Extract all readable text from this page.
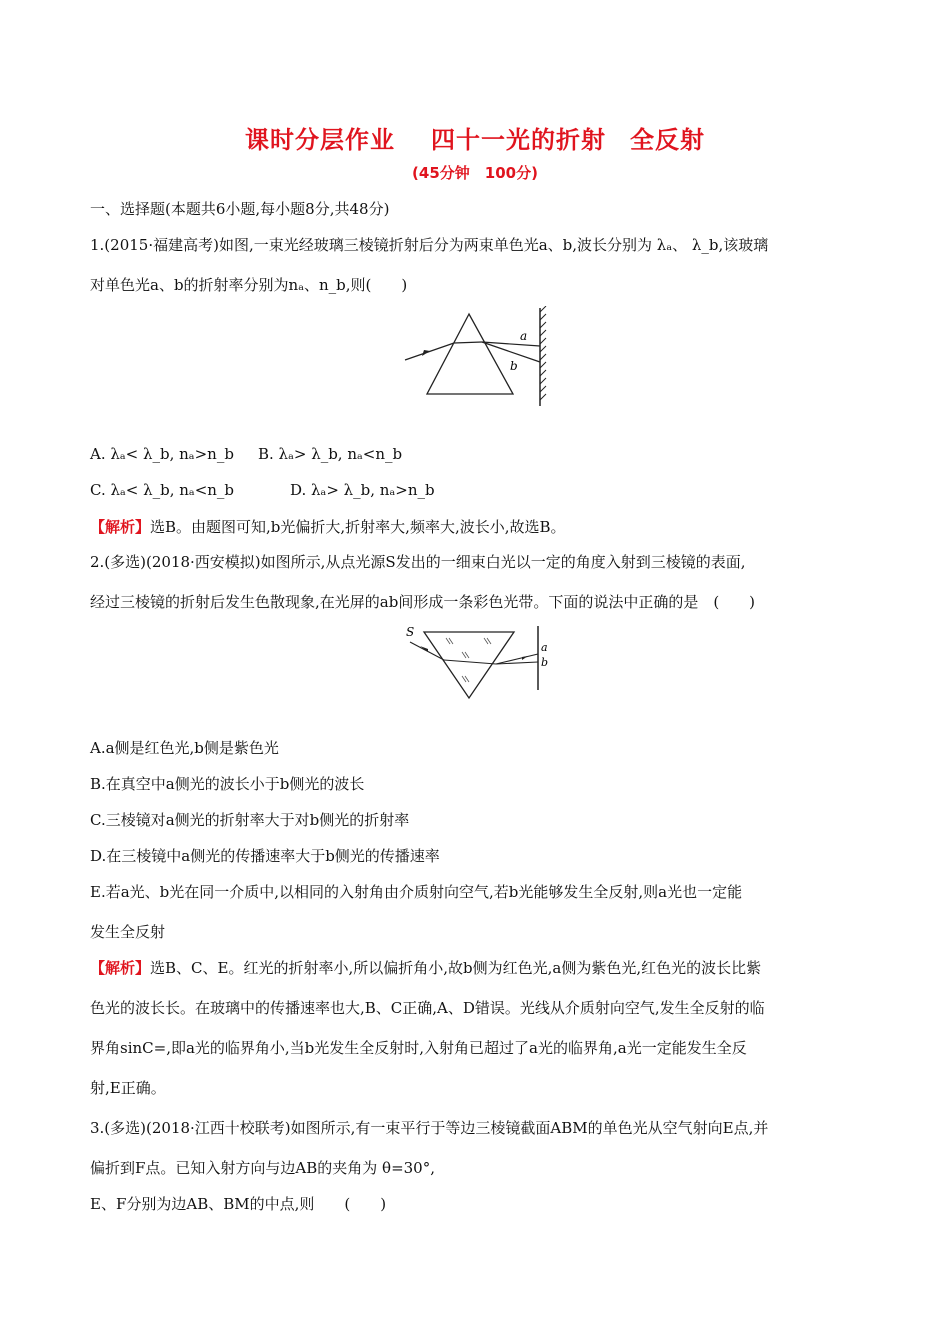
课时分层作业 四十一光的折射 全反射
(45分钟　100分)
一、选择题(本题共6小题,每小题8分,共48分)
1.(2015·福建高考)如图,一束光经玻璃三棱镜折射后分为两束单色光a、b,波长分别为 λₐ、 λ_b,该玻璃
对单色光a、b的折射率分别为nₐ、n_b,则(　　)
a
b
A. λₐ< λ_b, nₐ>n_b B. λₐ> λ_b, nₐ<n_b
C. λₐ< λ_b, nₐ<n_b	D. λₐ> λ_b, nₐ>n_b
【解析】选B。由题图可知,b光偏折大,折射率大,频率大,波长小,故选B。
2.(多选)(2018·西安模拟)如图所示,从点光源S发出的一细束白光以一定的角度入射到三棱镜的表面,
经过三棱镜的折射后发生色散现象,在光屏的ab间形成一条彩色光带。下面的说法中正确的是　(　　)
S
a
b
A.a侧是红色光,b侧是紫色光
B.在真空中a侧光的波长小于b侧光的波长
C.三棱镜对a侧光的折射率大于对b侧光的折射率
D.在三棱镜中a侧光的传播速率大于b侧光的传播速率
E.若a光、b光在同一介质中,以相同的入射角由介质射向空气,若b光能够发生全反射,则a光也一定能
发生全反射
【解析】选B、C、E。红光的折射率小,所以偏折角小,故b侧为红色光,a侧为紫色光,红色光的波长比紫
色光的波长长。在玻璃中的传播速率也大,B、C正确,A、D错误。光线从介质射向空气,发生全反射的临
界角sinC=,即a光的临界角小,当b光发生全反射时,入射角已超过了a光的临界角,a光一定能发生全反
射,E正确。
3.(多选)(2018·江西十校联考)如图所示,有一束平行于等边三棱镜截面ABM的单色光从空气射向E点,并
偏折到F点。已知入射方向与边AB的夹角为 θ=30°,
E、F分别为边AB、BM的中点,则　　(　　)
